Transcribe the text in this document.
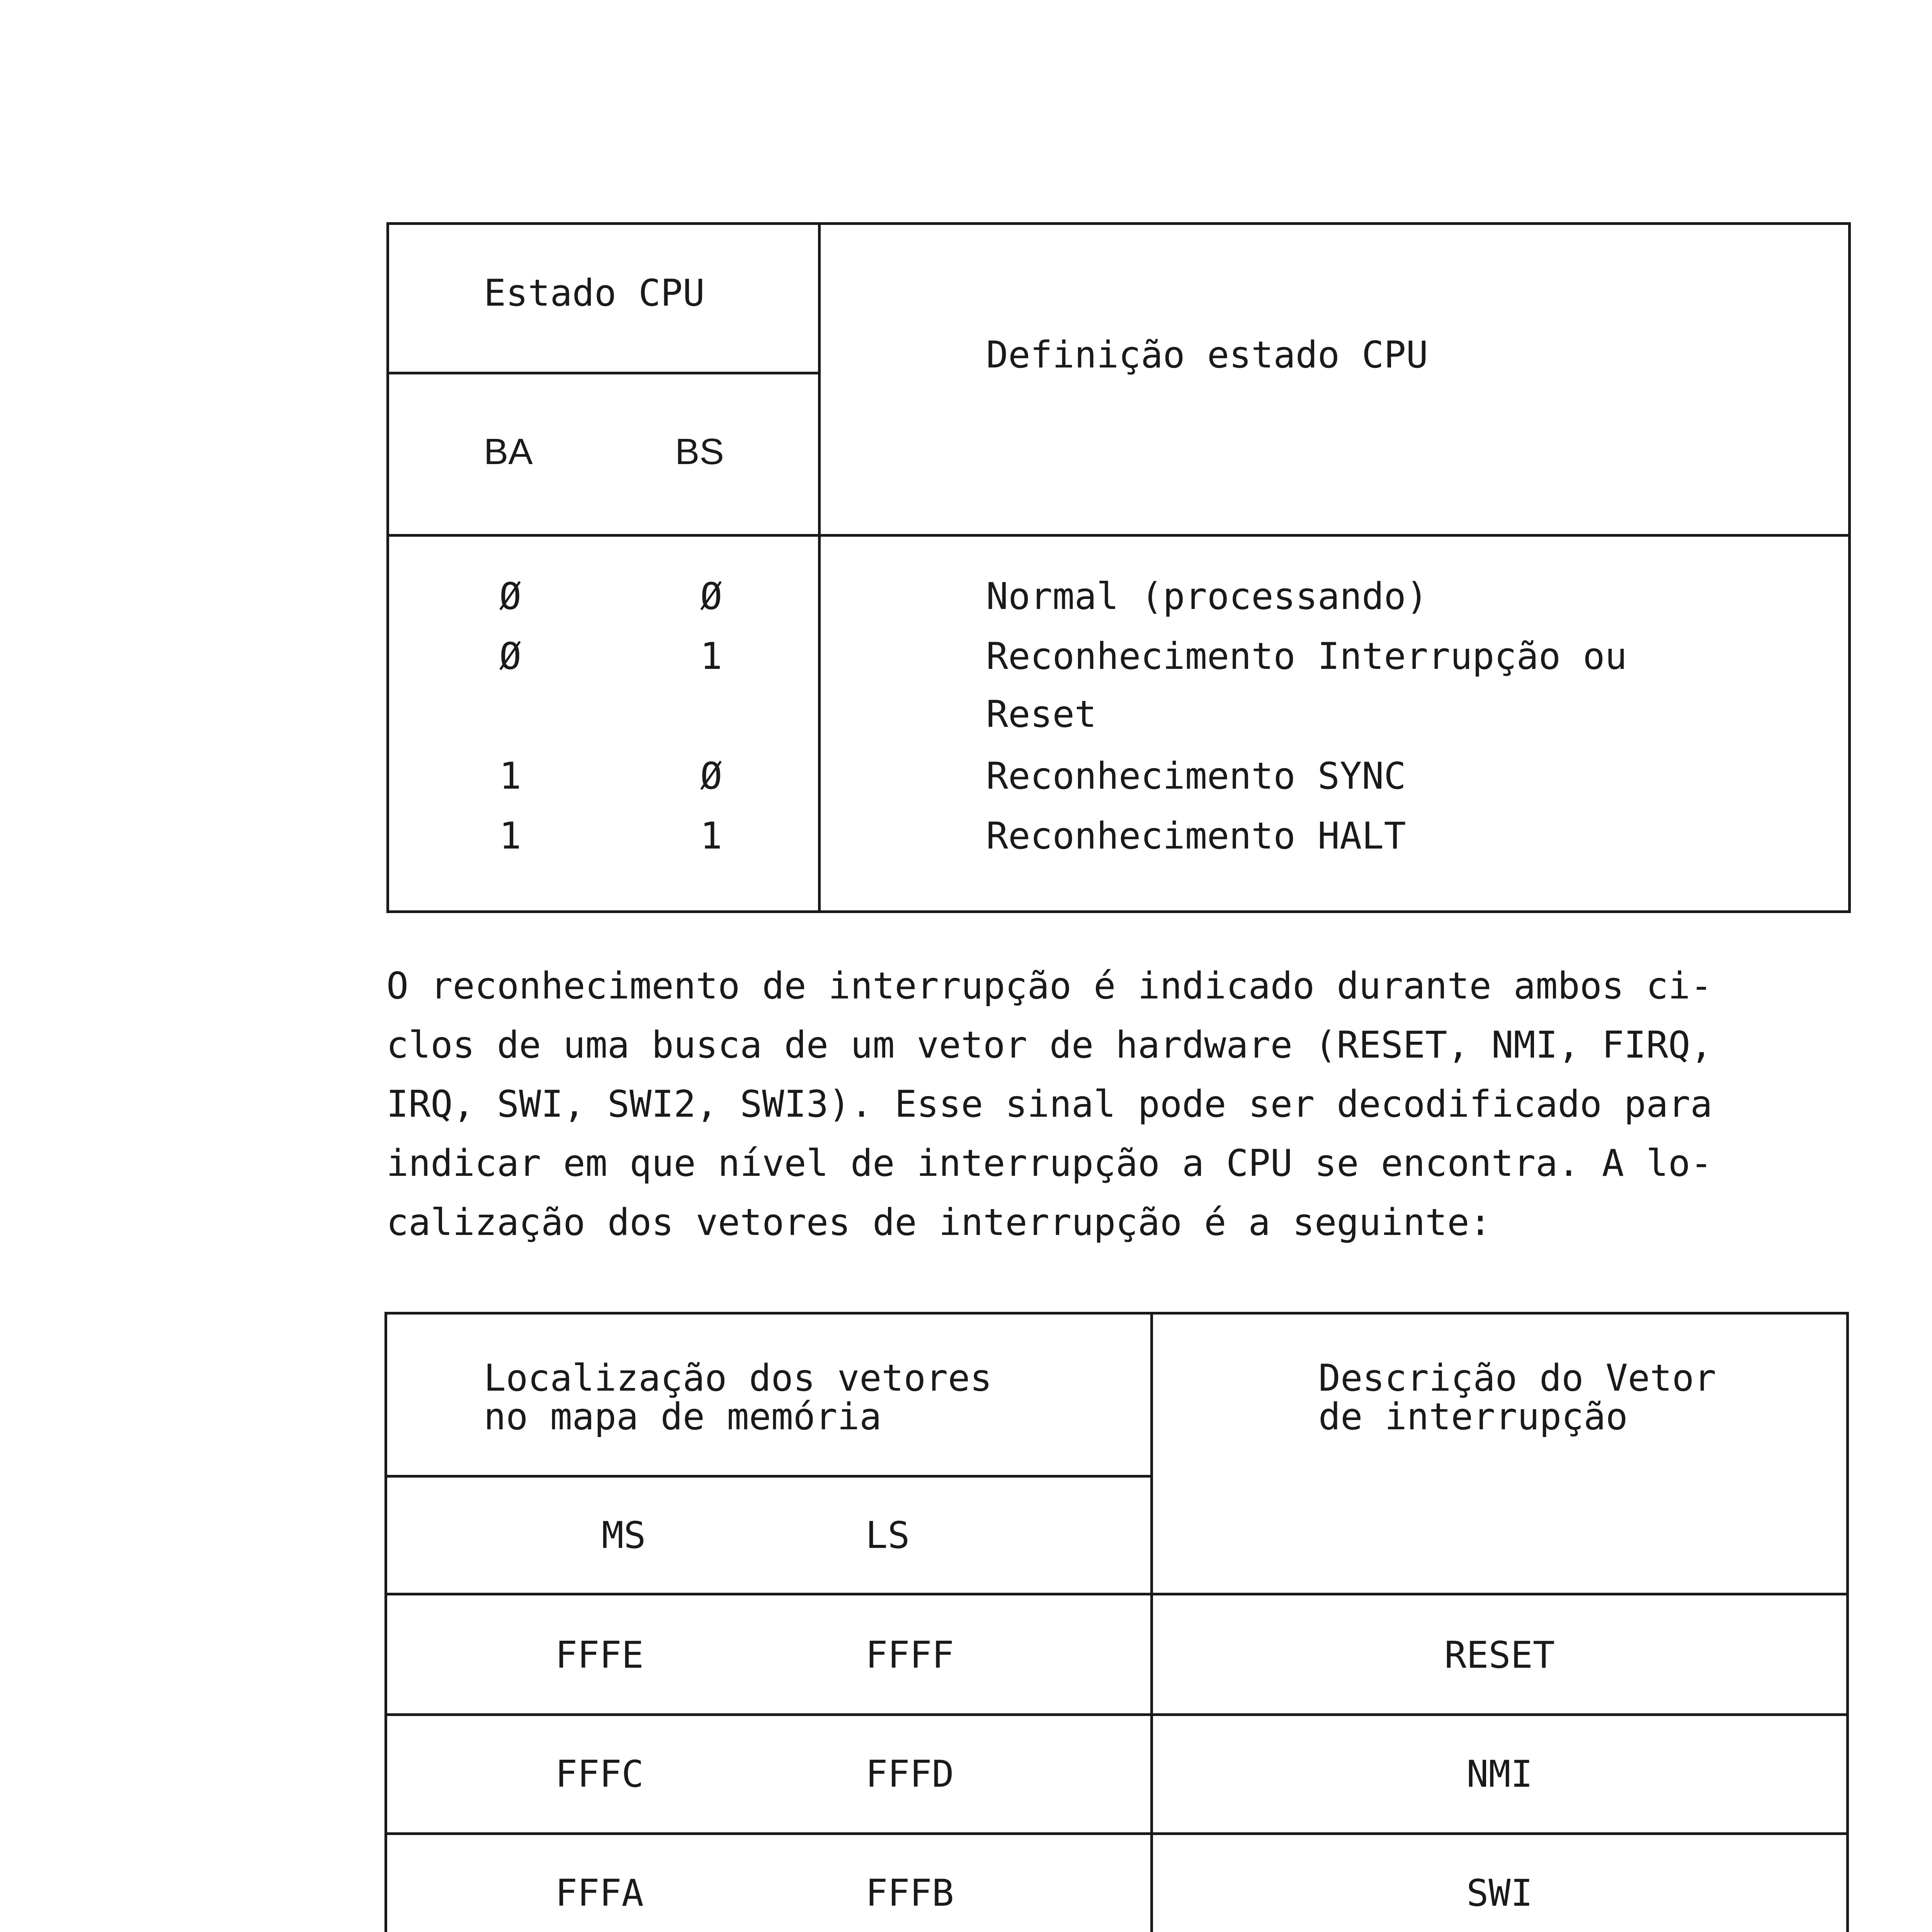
Estado CPU
BA	BS
Definição estado CPU
Ø	Ø	Normal (processando)
Ø	1	Reconhecimento Interrupção ou
Reset
1	Ø	Reconhecimento SYNC
1	1	Reconhecimento HALT
O reconhecimento de interrupção é indicado durante ambos ci-
clos de uma busca de um vetor de hardware (RESET, NMI, FIRQ,
IRQ, SWI, SWI2, SWI3). Esse sinal pode ser decodificado para
indicar em que nível de interrupção a CPU se encontra. A lo-
calização dos vetores de interrupção é a seguinte:
Localização dos vetores
no mapa de memória
Descrição do Vetor
de interrupção
MS	LS
FFFE	FFFF	RESET
FFFC	FFFD	NMI
FFFA	FFFB	SWI
